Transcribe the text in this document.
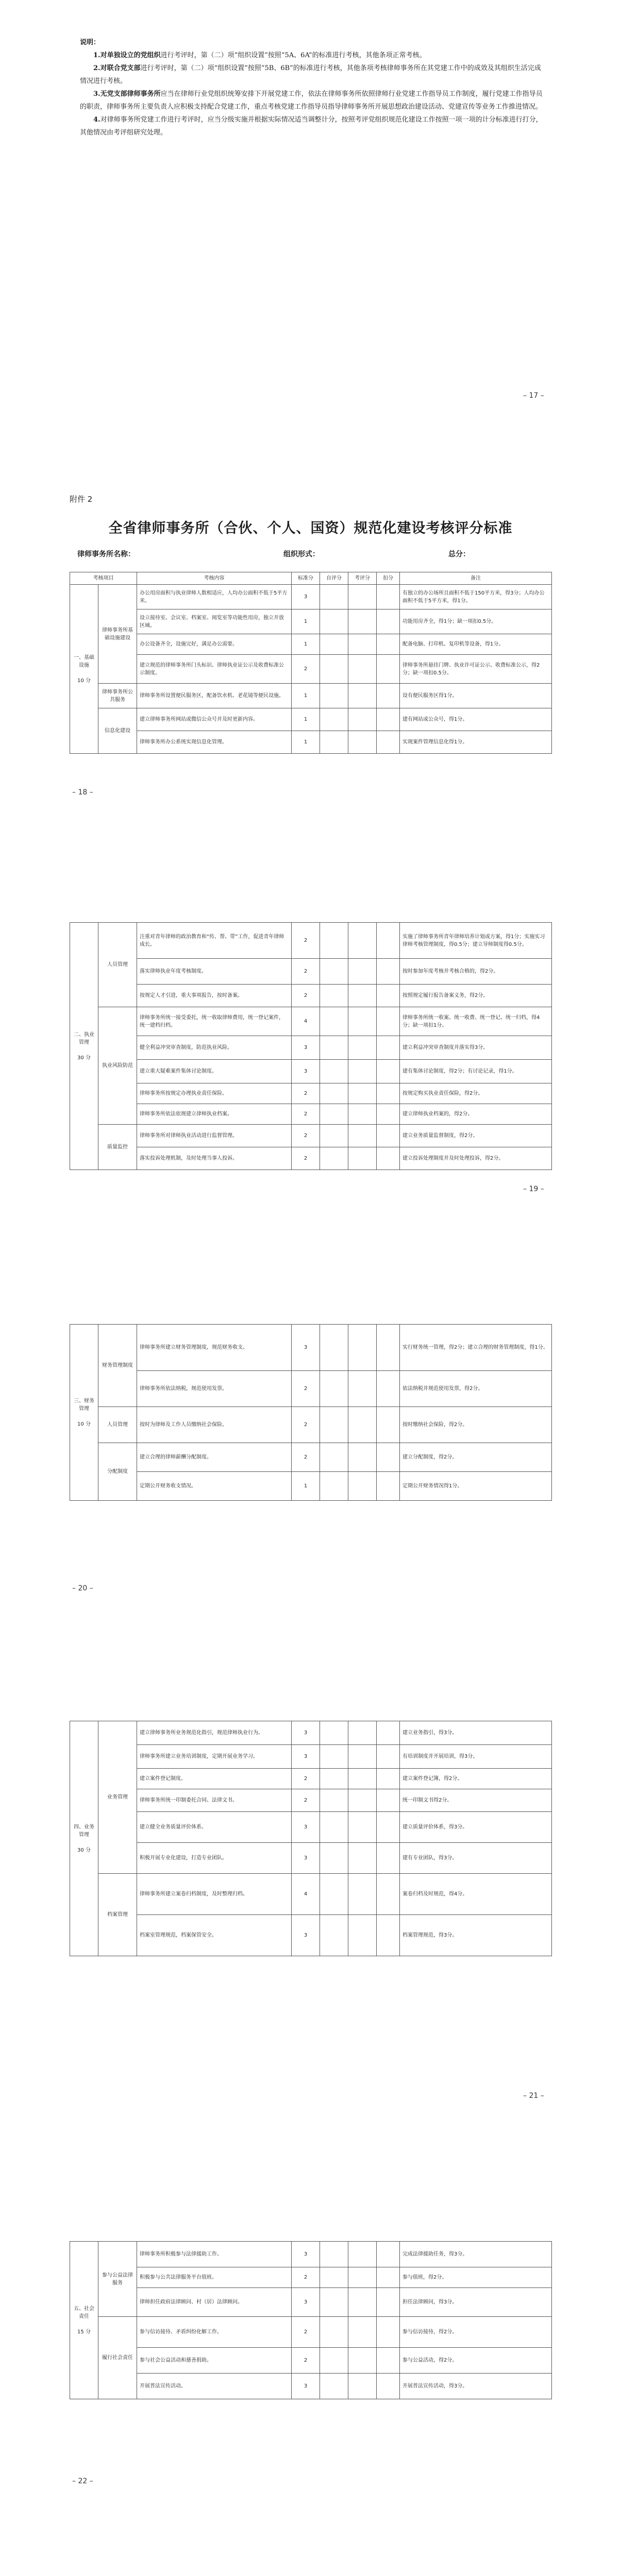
说明：

1.对单独设立的党组织进行考评时，第（二）项“组织设置”按照“5A、6A”的标准进行考核，其他条项正常考核。

2.对联合党支部进行考评时，第（二）项“组织设置”按照“5B、6B”的标准进行考核，其他条项考核律师事务所在其党建工作中的成效及其组织生活完成情况进行考核。

3.无党支部律师事务所应当在律师行业党组织统筹安排下开展党建工作，依法在律师事务所依照律师行业党建工作指导员工作制度，履行党建工作指导员的职责，律师事务所主要负责人应积极支持配合党建工作，重点考核党建工作指导员指导律师事务所开展思想政治建设活动、党建宣传等业务工作推进情况。

4.对律师事务所党建工作进行考评时，应当分级实施并根据实际情况适当调整计分，按照考评党组织规范化建设工作按照一项一项的计分标准进行打分，其他情况由考评组研究处理。

– 17 –
附件 2
全省律师事务所（合伙、个人、国资）规范化建设考核评分标准
律师事务所名称：	组织形式：	总分：
考核项目		考核内容	标准分	自评分	考评分	扣分	备注
一、基础设施

10 分	律师事务所基础设施建设	办公用房面积与执业律师人数相适应，人均办公面积不低于5平方米。	3				有独立的办公场所且面积不低于150平方米，得3分；人均办公面积不低于5平方米，得1分。
		设立接待室、会议室、档案室、阅览室等功能性用房，独立开放区域。	1				功能用房齐全，得1分；缺一项扣0.5分。
		办公设备齐全，设施完好，满足办公需要。	1				配备电脑、打印机、复印机等设备，得1分。
		建立规范的律师事务所门头标识、律师执业证公示及收费标准公示制度。	2				律师事务所悬挂门牌、执业许可证公示、收费标准公示，得2分；缺一项扣0.5分。
	律师事务所公共服务	律师事务所设置便民服务区，配备饮水机、老花镜等便民设施。	1				设有便民服务区得1分。
	信息化建设	建立律师事务所网站或微信公众号并及时更新内容。	1				建有网站或公众号，得1分。
		律师事务所办公系统实现信息化管理。	1				实现案件管理信息化得1分。
– 18 –
二、执业管理

30 分	人员管理	注重对青年律师的政治教育和“传、帮、带”工作，促进青年律师成长。	2				实施了律师事务所青年律师培养计划或方案，得1分；实施实习律师考核管理制度，得0.5分；建立导师制度得0.5分。
		落实律师执业年度考核制度。	2				按时参加年度考核并考核合格的，得2分。
		按规定人才引进，重大事项报告，按时备案。	2				按照规定履行报告备案义务，得2分。
	执业风险防范	律师事务所统一接受委托，统一收取律师费用，统一登记案件，统一建档归档。	4				律师事务所统一收案、统一收费、统一登记、统一归档，得4分；缺一项扣1分。
		健全利益冲突审查制度，防范执业风险。	3				建立利益冲突审查制度并落实得3分。
		建立重大疑难案件集体讨论制度。	3				建有集体讨论制度，得2分；有讨论记录，得1分。
		律师事务所按规定办理执业责任保险。	2				按规定购买执业责任保险，得2分。
		律师事务所依法依规建立律师执业档案。	2				建立律师执业档案的，得2分。
	质量监控	律师事务所对律师执业活动进行监督管理。	2				建立业务质量监督制度，得2分。
		落实投诉处理机制，及时处理当事人投诉。	2				建立投诉处理制度并及时处理投诉，得2分。
– 19 –
三、财务管理

10 分	财务管理制度	律师事务所建立财务管理制度，规范财务收支。	3				实行财务统一管理，得2分；建立合理的财务管理制度，得1分。
		律师事务所依法纳税，规范使用发票。	2				依法纳税并规范使用发票，得2分。
	人员管理	按时为律师及工作人员缴纳社会保险。	2				按时缴纳社会保险，得2分。
	分配制度	建立合理的律师薪酬分配制度。	2				建立分配制度，得2分。
		定期公开财务收支情况。	1				定期公开财务情况得1分。
– 20 –
四、业务管理

30 分	业务管理	建立律师事务所业务规范化指引，规范律师执业行为。	3				建立业务指引，得3分。
		律师事务所建立业务培训制度，定期开展业务学习。	3				有培训制度并开展培训，得3分。
		建立案件登记制度。	2				建立案件登记簿，得2分。
		律师事务所统一印制委托合同、法律文书。	2				统一印制文书得2分。
		建立健全业务质量评价体系。	3				建立质量评价体系，得3分。
		积极开展专业化建设，打造专业团队。	3				建有专业团队，得3分。
	档案管理	律师事务所建立案卷归档制度，及时整理归档。	4				案卷归档及时规范，得4分。
		档案室管理规范，档案保管安全。	3				档案管理规范，得3分。
– 21 –
五、社会责任

15 分	参与公益法律服务	律师事务所积极参与法律援助工作。	3				完成法律援助任务，得3分。
		积极参与公共法律服务平台值班。	2				参与值班，得2分。
		律师担任政府法律顾问、村（居）法律顾问。	3				担任法律顾问，得3分。
	履行社会责任	参与信访接待、矛盾纠纷化解工作。	2				参与信访接待，得2分。
		参与社会公益活动和慈善捐助。	2				参与公益活动，得2分。
		开展普法宣传活动。	3				开展普法宣传活动，得3分。
– 22 –
